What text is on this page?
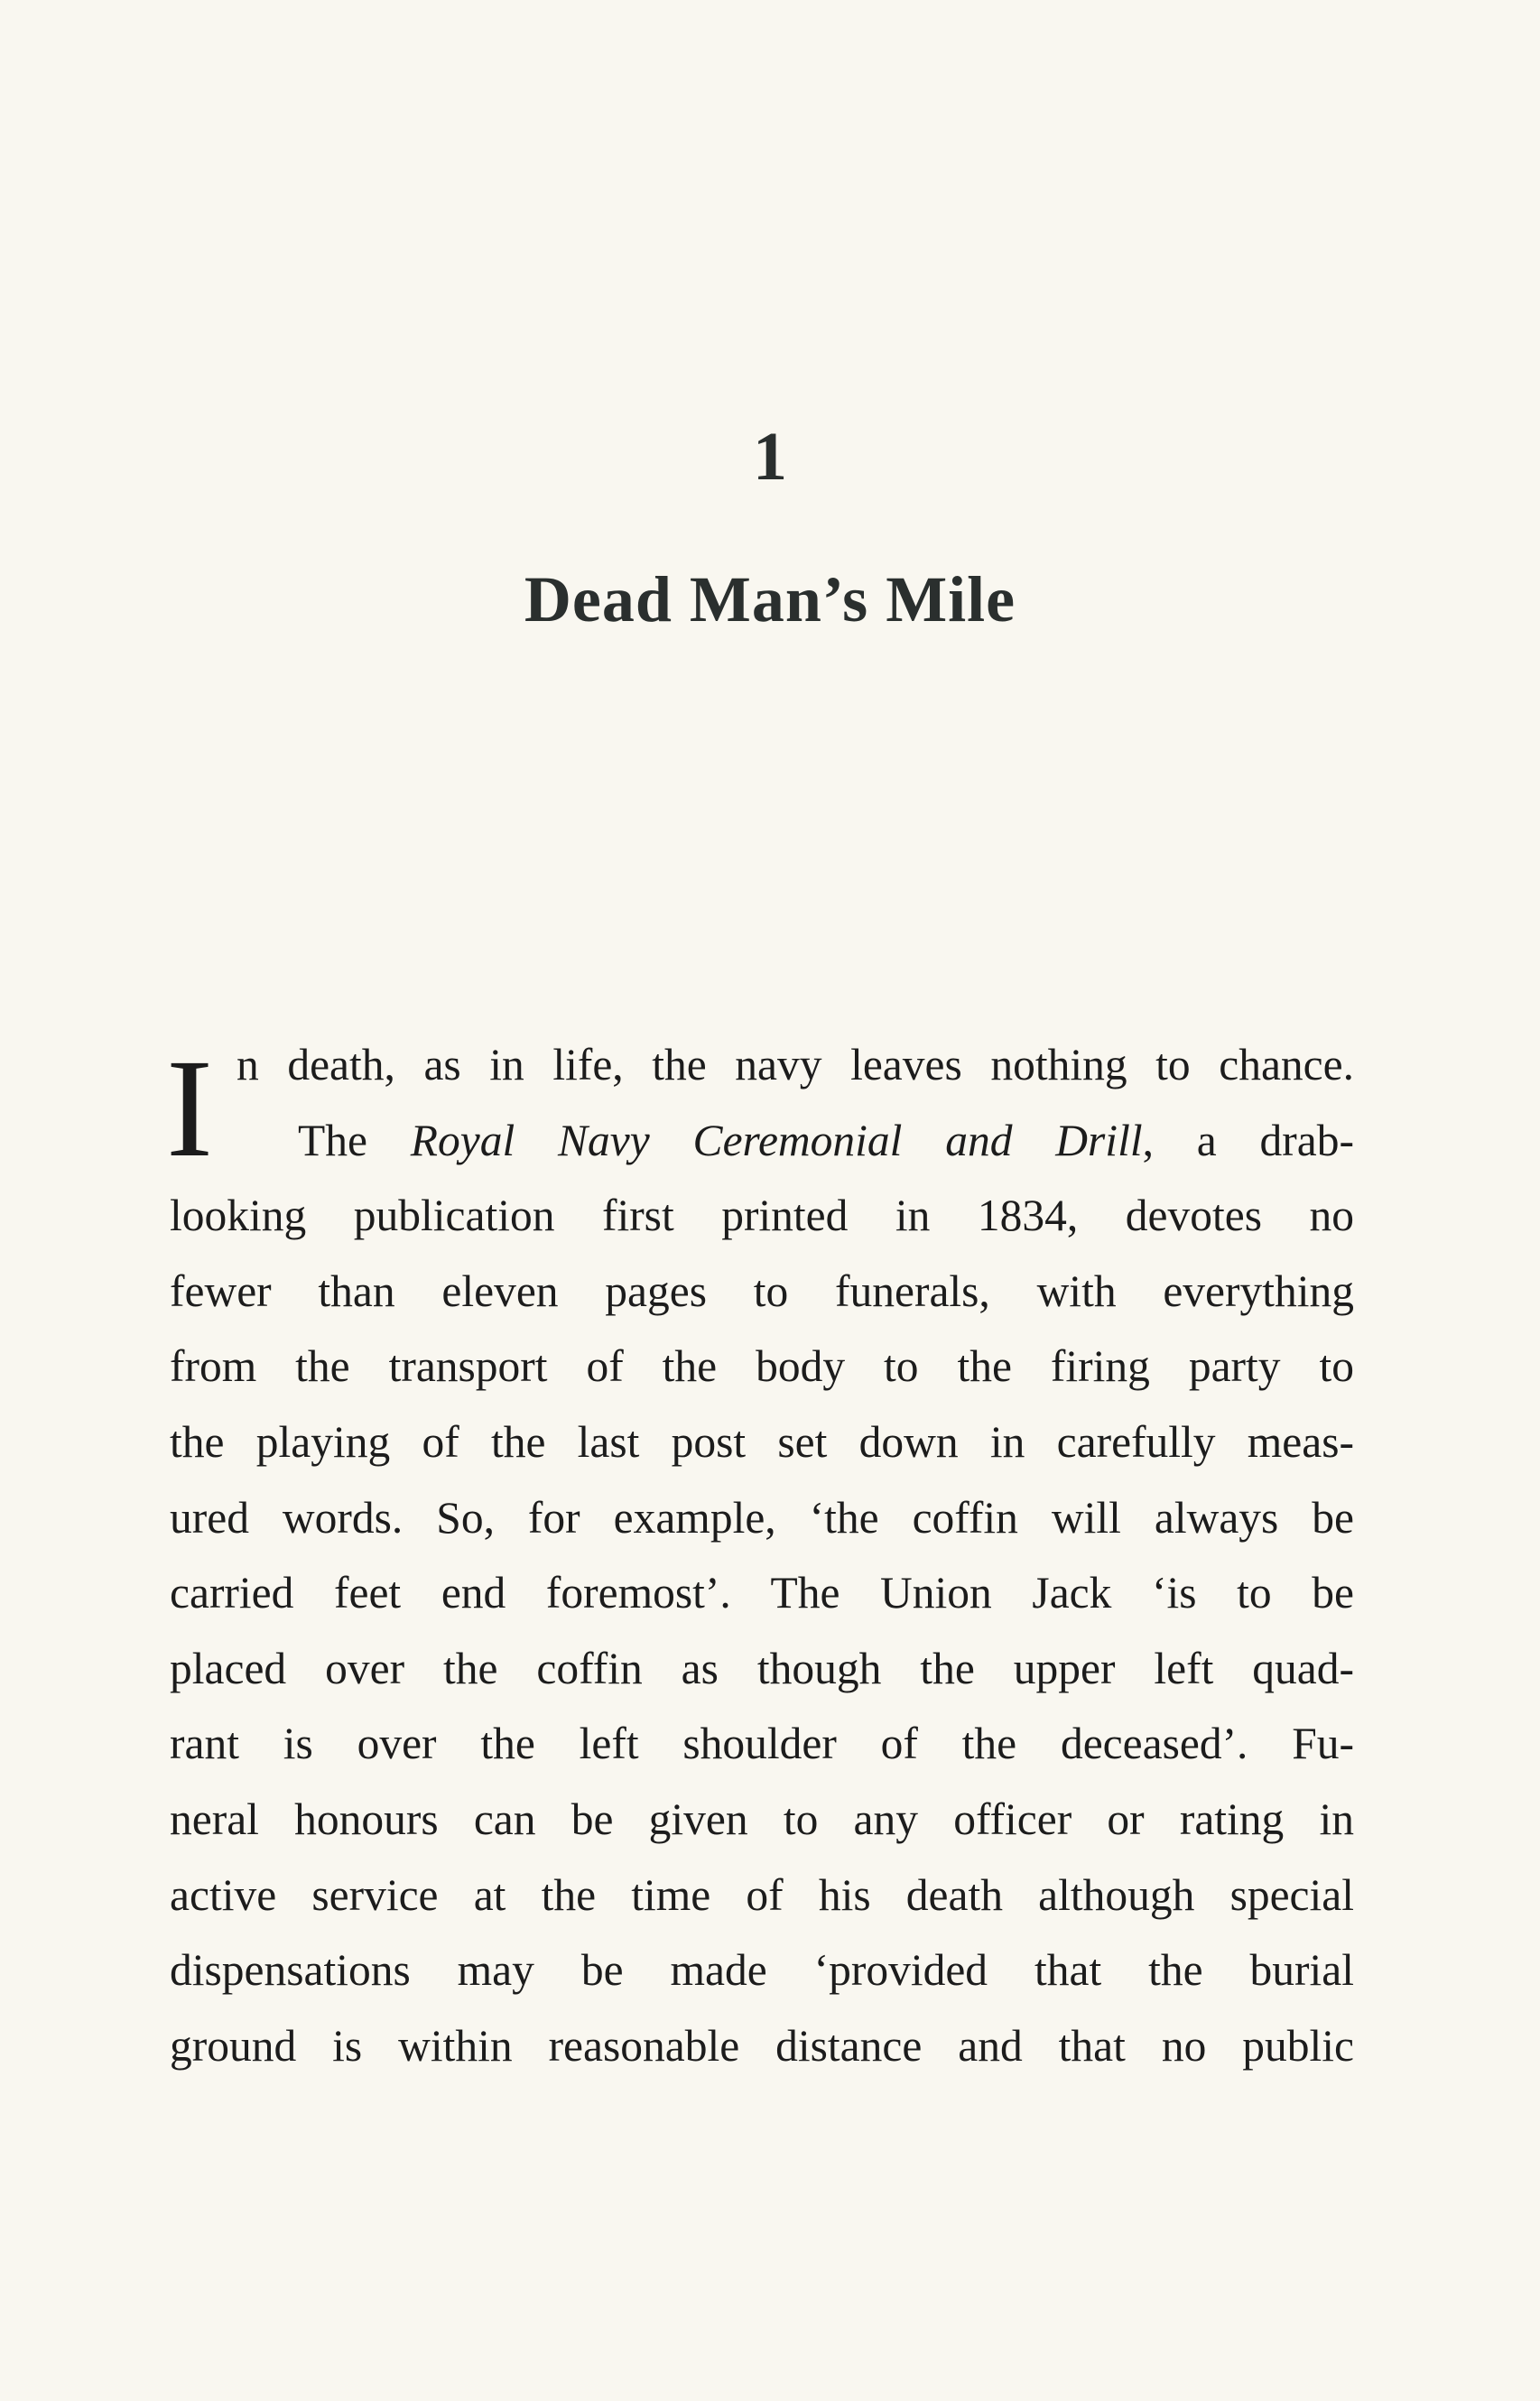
1
Dead Man’s Mile
I n death, as in life, the navy leaves nothing to chance.
The Royal Navy Ceremonial and Drill, a drab-
looking publication first printed in 1834, devotes no
fewer than eleven pages to funerals, with everything
from the transport of the body to the firing party to
the playing of the last post set down in carefully meas-
ured words. So, for example, ‘the coffin will always be
carried feet end foremost’. The Union Jack ‘is to be
placed over the coffin as though the upper left quad-
rant is over the left shoulder of the deceased’. Fu-
neral honours can be given to any officer or rating in
active service at the time of his death although special
dispensations may be made ‘provided that the burial
ground is within reasonable distance and that no public
